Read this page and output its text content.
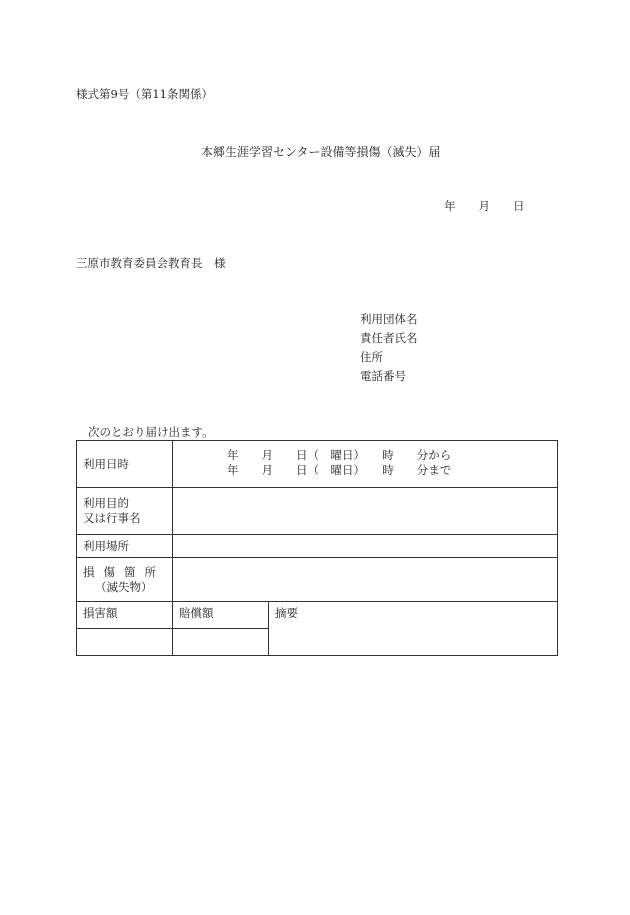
様式第9号（第11条関係）
本郷生涯学習センター設備等損傷（滅失）届
年　　月　　日
三原市教育委員会教育長　様
利用団体名
責任者氏名
住所
電話番号
次のとおり届け出ます。
利用日時	年　　月　　日（　曜日）　　時　　分から
年　　月　　日（　曜日）　　時　　分まで	

利用目的
又は行事名		

利用場所		

損傷箇所
（滅失物）		

損害額	賠償額	摘要
